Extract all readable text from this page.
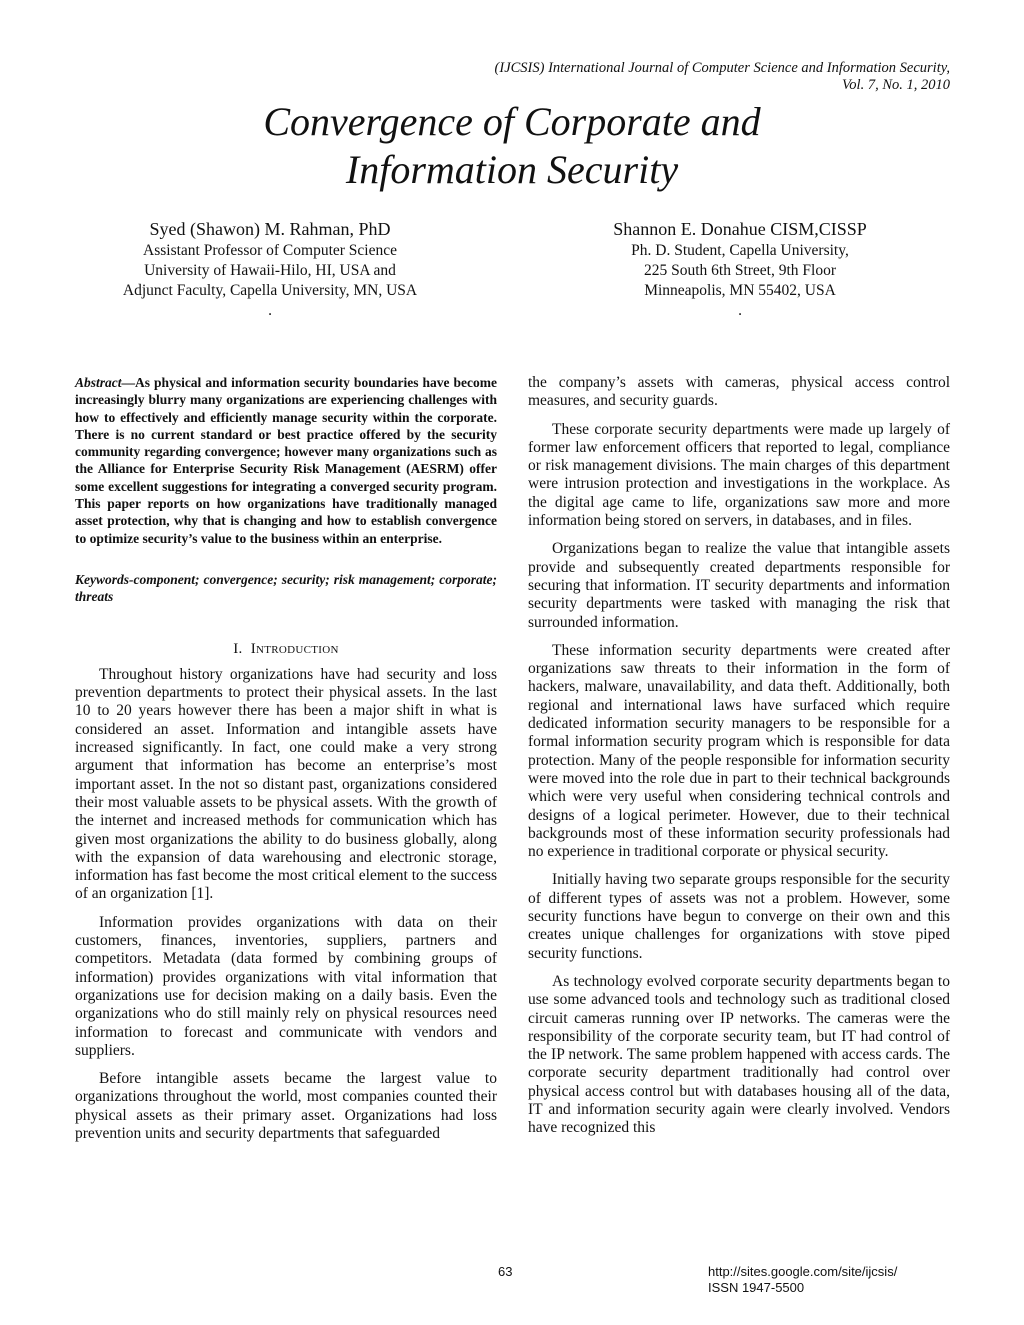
(IJCSIS) International Journal of Computer Science and Information Security,
Vol. 7, No. 1, 2010
Convergence of Corporate and
Information Security
Syed (Shawon) M. Rahman, PhD
Assistant Professor of Computer Science
University of Hawaii-Hilo, HI, USA and
Adjunct Faculty, Capella University, MN, USA
.
Shannon E. Donahue CISM,CISSP
Ph. D. Student, Capella University,
225 South 6th Street, 9th Floor
Minneapolis, MN 55402, USA
.
Abstract—As physical and information security boundaries have become increasingly blurry many organizations are experiencing challenges with how to effectively and efficiently manage security within the corporate. There is no current standard or best practice offered by the security community regarding convergence; however many organizations such as the Alliance for Enterprise Security Risk Management (AESRM) offer some excellent suggestions for integrating a converged security program. This paper reports on how organizations have traditionally managed asset protection, why that is changing and how to establish convergence to optimize security’s value to the business within an enterprise.
Keywords-component; convergence; security; risk management; corporate; threats
I. Introduction

Throughout history organizations have had security and loss prevention departments to protect their physical assets. In the last 10 to 20 years however there has been a major shift in what is considered an asset. Information and intangible assets have increased significantly. In fact, one could make a very strong argument that information has become an enterprise’s most important asset. In the not so distant past, organizations considered their most valuable assets to be physical assets. With the growth of the internet and increased methods for communication which has given most organizations the ability to do business globally, along with the expansion of data warehousing and electronic storage, information has fast become the most critical element to the success of an organization [1].

Information provides organizations with data on their customers, finances, inventories, suppliers, partners and competitors. Metadata (data formed by combining groups of information) provides organizations with vital information that organizations use for decision making on a daily basis. Even the organizations who do still mainly rely on physical resources need information to forecast and communicate with vendors and suppliers.

Before intangible assets became the largest value to organizations throughout the world, most companies counted their physical assets as their primary asset. Organizations had loss prevention units and security departments that safeguarded

the company’s assets with cameras, physical access control measures, and security guards.

These corporate security departments were made up largely of former law enforcement officers that reported to legal, compliance or risk management divisions. The main charges of this department were intrusion protection and investigations in the workplace. As the digital age came to life, organizations saw more and more information being stored on servers, in databases, and in files.

Organizations began to realize the value that intangible assets provide and subsequently created departments responsible for securing that information. IT security departments and information security departments were tasked with managing the risk that surrounded information.

These information security departments were created after organizations saw threats to their information in the form of hackers, malware, unavailability, and data theft. Additionally, both regional and international laws have surfaced which require dedicated information security managers to be responsible for a formal information security program which is responsible for data protection. Many of the people responsible for information security were moved into the role due in part to their technical backgrounds which were very useful when considering technical controls and designs of a logical perimeter. However, due to their technical backgrounds most of these information security professionals had no experience in traditional corporate or physical security.

Initially having two separate groups responsible for the security of different types of assets was not a problem. However, some security functions have begun to converge on their own and this creates unique challenges for organizations with stove piped security functions.

As technology evolved corporate security departments began to use some advanced tools and technology such as traditional closed circuit cameras running over IP networks. The cameras were the responsibility of the corporate security team, but IT had control of the IP network. The same problem happened with access cards. The corporate security department traditionally had control over physical access control but with databases housing all of the data, IT and information security again were clearly involved. Vendors have recognized this

63	http://sites.google.com/site/ijcsis/
ISSN 1947-5500
